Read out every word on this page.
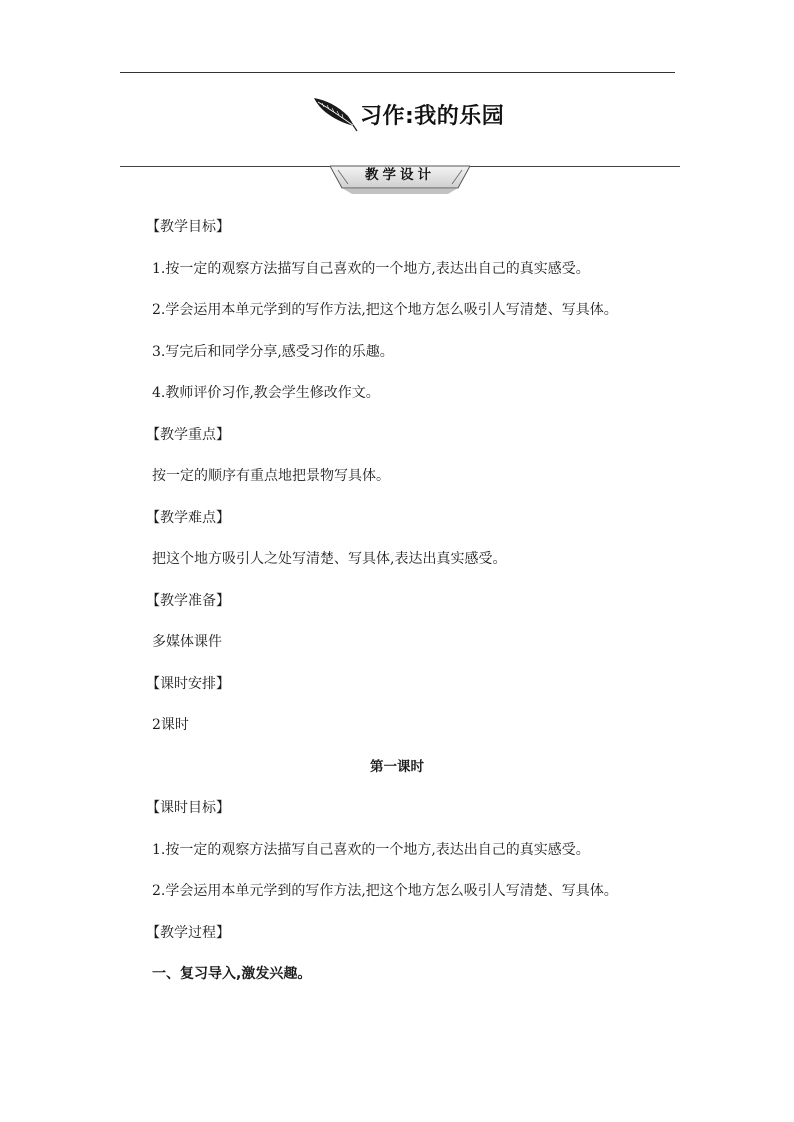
习作:我的乐园
教学设计
【教学目标】
1.按一定的观察方法描写自己喜欢的一个地方,表达出自己的真实感受。
2.学会运用本单元学到的写作方法,把这个地方怎么吸引人写清楚、写具体。
3.写完后和同学分享,感受习作的乐趣。
4.教师评价习作,教会学生修改作文。
【教学重点】
按一定的顺序有重点地把景物写具体。
【教学难点】
把这个地方吸引人之处写清楚、写具体,表达出真实感受。
【教学准备】
多媒体课件
【课时安排】
2课时
第一课时
【课时目标】
1.按一定的观察方法描写自己喜欢的一个地方,表达出自己的真实感受。
2.学会运用本单元学到的写作方法,把这个地方怎么吸引人写清楚、写具体。
【教学过程】
一、复习导入,激发兴趣。
